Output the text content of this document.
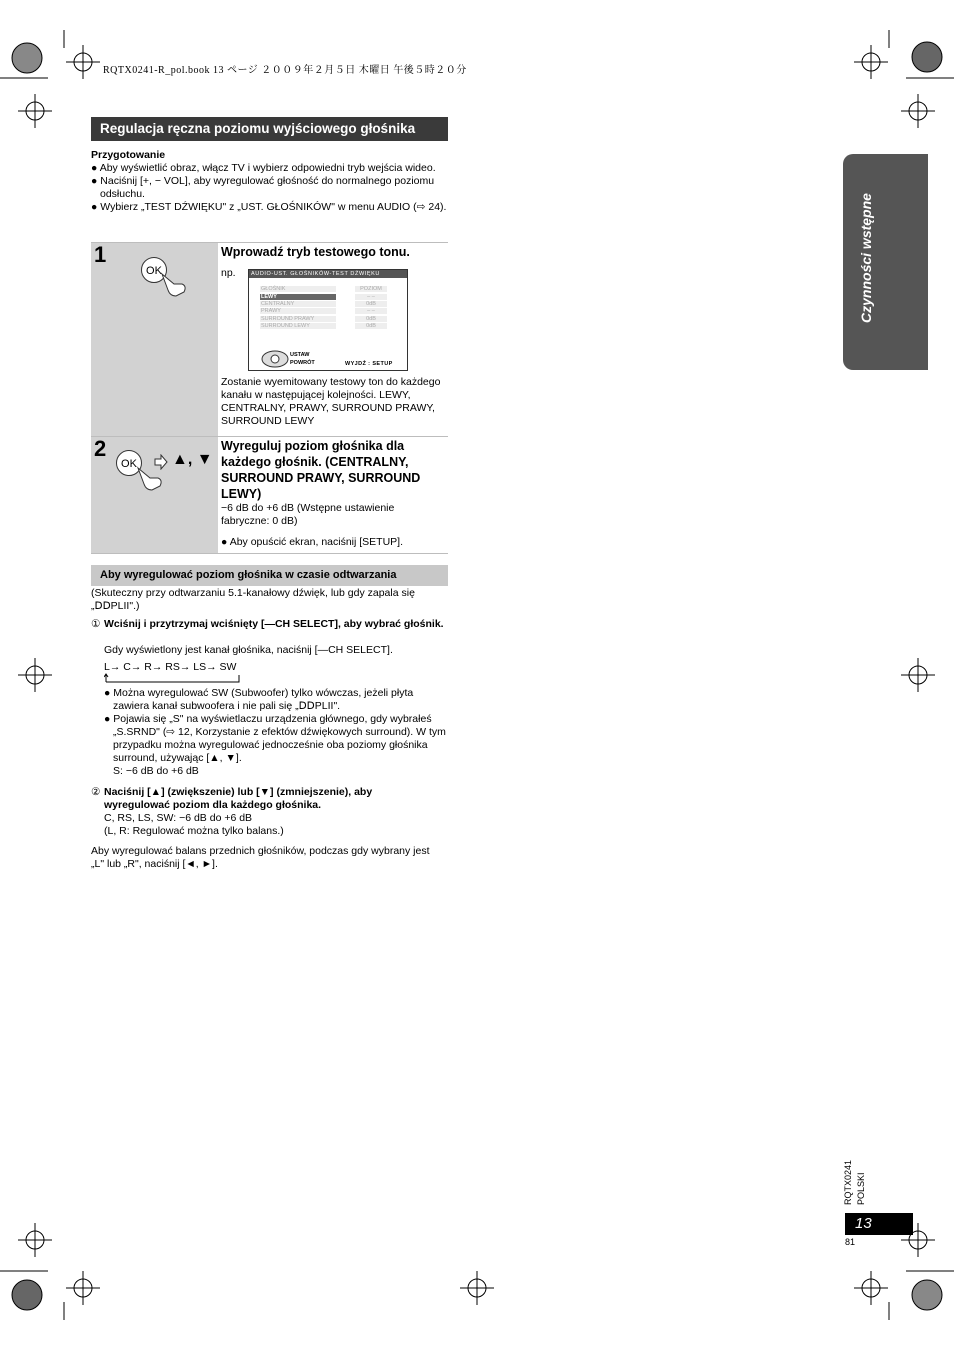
RQTX0241-R_pol.book 13 ページ ２００９年２月５日 木曜日 午後５時２０分
Regulacja ręczna poziomu wyjściowego głośnika
Przygotowanie
● Aby wyświetlić obraz, włącz TV i wybierz odpowiedni tryb wejścia wideo.
● Naciśnij [+, − VOL], aby wyregulować głośność do normalnego poziomu odsłuchu.
● Wybierz „TEST DŹWIĘKU" z „UST. GŁOŚNIKÓW" w menu AUDIO (⇨ 24).
1
OK
Wprowadź tryb testowego tonu.
np.	AUDIO-UST. GŁOŚNIKÓW-TEST DŹWIĘKU
GŁOŚNIK	POZIOM
LEWY	– –
CENTRALNY	0dB
PRAWY	– –
SURROUND PRAWY	0dB
SURROUND LEWY	0dB
USTAW
POWRÓT	WYJDŹ : SETUP
Zostanie wyemitowany testowy ton do każdego kanału w następującej kolejności. LEWY, CENTRALNY, PRAWY, SURROUND PRAWY, SURROUND LEWY
2
OK	▲, ▼
Wyreguluj poziom głośnika dla każdego głośnik. (CENTRALNY, SURROUND PRAWY, SURROUND LEWY)
−6 dB do +6 dB (Wstępne ustawienie fabryczne: 0 dB)
● Aby opuścić ekran, naciśnij [SETUP].
Aby wyregulować poziom głośnika w czasie odtwarzania
(Skuteczny przy odtwarzaniu 5.1-kanałowy dźwięk, lub gdy zapala się „ⅮⅮPLII".)
① Wciśnij i przytrzymaj wciśnięty [—CH SELECT], aby wybrać głośnik.
Gdy wyświetlony jest kanał głośnika, naciśnij [—CH SELECT].
L→ C→ R→ RS→ LS→ SW
● Można wyregulować SW (Subwoofer) tylko wówczas, jeżeli płyta zawiera kanał subwoofera i nie pali się „ⅮⅮPLII".
● Pojawia się „S" na wyświetlaczu urządzenia głównego, gdy wybrałeś „S.SRND" (⇨ 12, Korzystanie z efektów dźwiękowych surround). W tym przypadku można wyregulować jednocześnie oba poziomy głośnika surround, używając [▲, ▼].
S: −6 dB do +6 dB
② Naciśnij [▲] (zwiększenie) lub [▼] (zmniejszenie), aby wyregulować poziom dla każdego głośnika.
C, RS, LS, SW: −6 dB do +6 dB
(L, R: Regulować można tylko balans.)
Aby wyregulować balans przednich głośników, podczas gdy wybrany jest „L" lub „R", naciśnij [◄, ►].
Czynności wstępne
RQTX0241 POLSKI
13
81
